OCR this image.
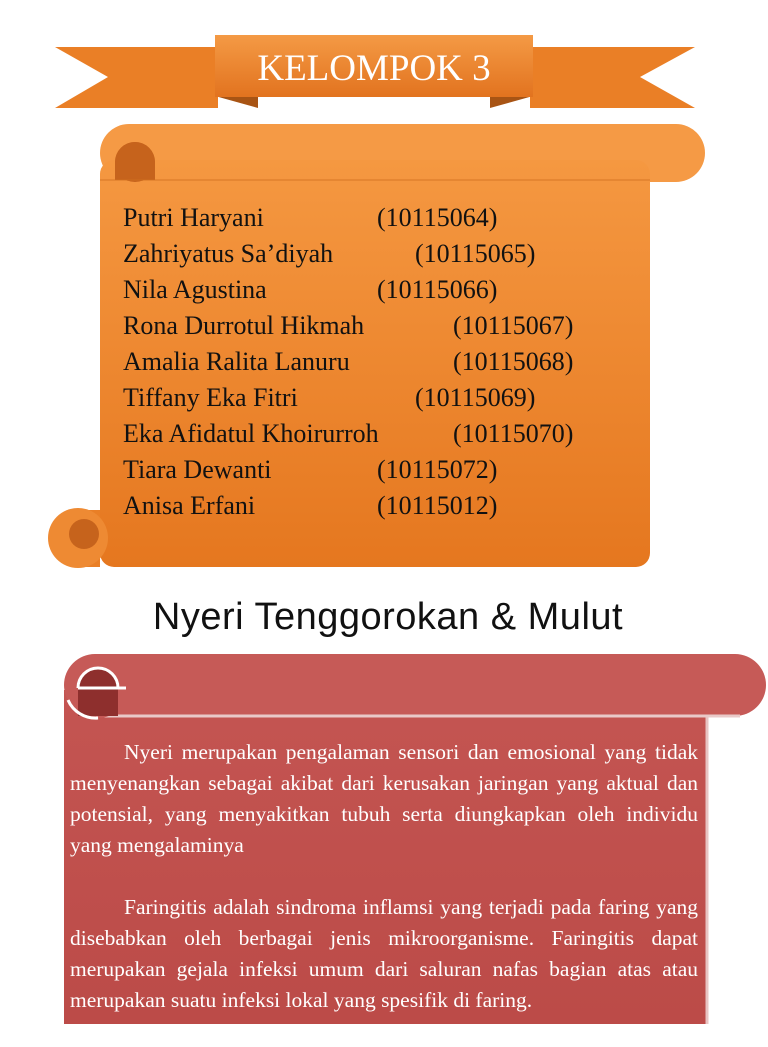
KELOMPOK 3
Putri Haryani	(10115064)
Zahriyatus Sa’diyah	(10115065)
Nila Agustina	(10115066)
Rona Durrotul Hikmah	(10115067)
Amalia Ralita Lanuru	(10115068)
Tiffany Eka Fitri	(10115069)
Eka Afidatul Khoirurroh	(10115070)
Tiara Dewanti	(10115072)
Anisa Erfani	(10115012)
Nyeri Tenggorokan & Mulut

Nyeri merupakan pengalaman sensori dan emosional yang tidak menyenangkan sebagai akibat dari kerusakan jaringan yang aktual dan potensial, yang menyakitkan tubuh serta diungkapkan oleh individu yang mengalaminya

Faringitis adalah sindroma inflamsi yang terjadi pada faring yang disebabkan oleh berbagai jenis mikroorganisme. Faringitis dapat merupakan gejala infeksi umum dari saluran nafas bagian atas atau merupakan suatu infeksi lokal yang spesifik di faring.
